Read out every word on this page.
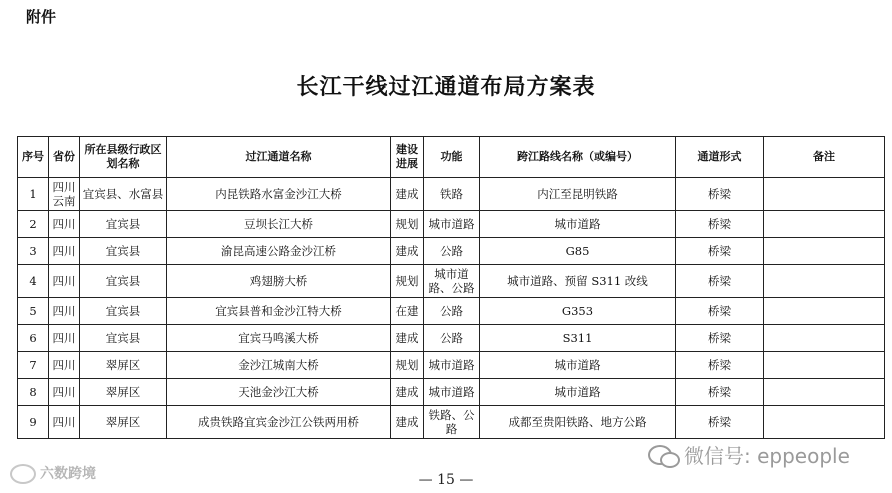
附件
长江干线过江通道布局方案表
序号	省份	所在县级行政区划名称	过江通道名称	建设进展	功能	跨江路线名称（或编号）	通道形式	备注
1	四川云南	宜宾县、水富县	内昆铁路水富金沙江大桥	建成	铁路	内江至昆明铁路	桥梁	
2	四川	宜宾县	豆坝长江大桥	规划	城市道路	城市道路	桥梁	
3	四川	宜宾县	渝昆高速公路金沙江桥	建成	公路	G85	桥梁	
4	四川	宜宾县	鸡翅膀大桥	规划	城市道路、公路	城市道路、预留 S311 改线	桥梁	
5	四川	宜宾县	宜宾县普和金沙江特大桥	在建	公路	G353	桥梁	
6	四川	宜宾县	宜宾马鸣溪大桥	建成	公路	S311	桥梁	
7	四川	翠屏区	金沙江城南大桥	规划	城市道路	城市道路	桥梁	
8	四川	翠屏区	天池金沙江大桥	建成	城市道路	城市道路	桥梁	
9	四川	翠屏区	成贵铁路宜宾金沙江公铁两用桥	建成	铁路、公路	成都至贵阳铁路、地方公路	桥梁	
微信号: eppeople
六数跨境	— 15 —
